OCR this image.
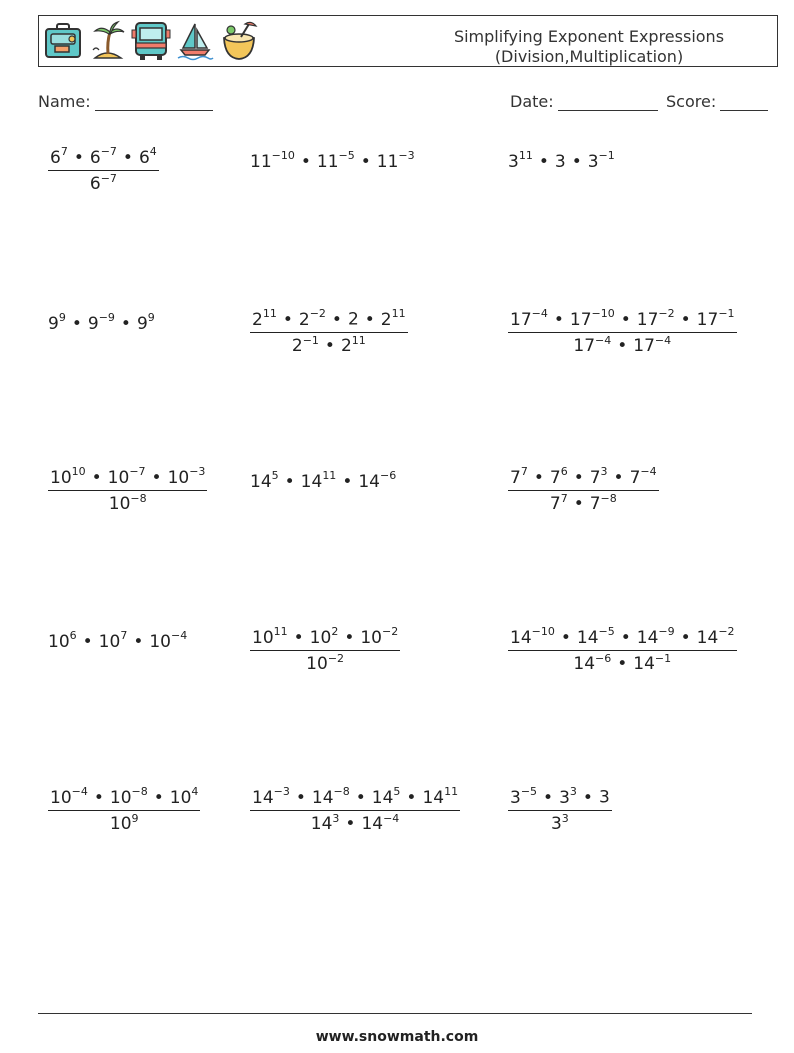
Simplifying Exponent Expressions
(Division,Multiplication)
Name:	Date:	Score:
$\frac{6^7 • 6^{-7} • 6^4}{6^{-7}}$	$11^{-10}$ • $11^{-5}$ • $11^{-3}$	$3^{11}$ • 3 • $3^{-1}$
$9^9$ • $9^{-9}$ • $9^9$	$\frac{2^{11} • 2^{-2} • 2 • 2^{11}}{2^{-1} • 2^{11}}$	$\frac{17^{-4} • 17^{-10} • 17^{-2} • 17^{-1}}{17^{-4} • 17^{-4}}$
$\frac{10^{10} • 10^{-7} • 10^{-3}}{10^{-8}}$	$14^5$ • $14^{11}$ • $14^{-6}$	$\frac{7^7 • 7^6 • 7^3 • 7^{-4}}{7^7 • 7^{-8}}$
$10^6$ • $10^7$ • $10^{-4}$	$\frac{10^{11} • 10^2 • 10^{-2}}{10^{-2}}$	$\frac{14^{-10} • 14^{-5} • 14^{-9} • 14^{-2}}{14^{-6} • 14^{-1}}$
$\frac{10^{-4} • 10^{-8} • 10^4}{10^9}$	$\frac{14^{-3} • 14^{-8} • 14^5 • 14^{11}}{14^3 • 14^{-4}}$	$\frac{3^{-5} • 3^3 • 3}{3^3}$
www.snowmath.com
